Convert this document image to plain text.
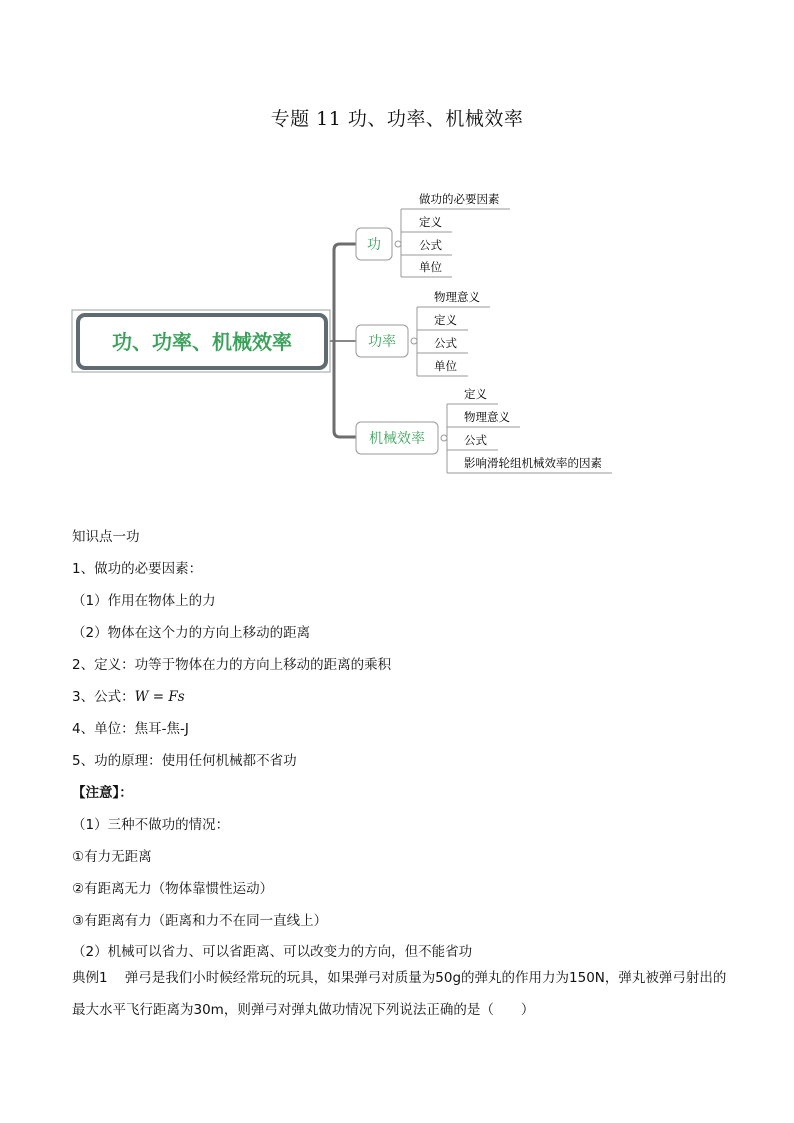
专题 11 功、功率、机械效率
功、功率、机械效率
功
做功的必要因素
定义
公式
单位
功率
物理意义
定义
公式
单位
机械效率
定义
物理意义
公式
影响滑轮组机械效率的因素
知识点一功
1、做功的必要因素：
（1）作用在物体上的力
（2）物体在这个力的方向上移动的距离
2、定义：功等于物体在力的方向上移动的距离的乘积
3、公式：W = Fs
4、单位：焦耳-焦-J
5、功的原理：使用任何机械都不省功
【注意】：
（1）三种不做功的情况：
①有力无距离
②有距离无力（物体靠惯性运动）
③有距离有力（距离和力不在同一直线上）
（2）机械可以省力、可以省距离、可以改变力的方向，但不能省功
典例1 弹弓是我们小时候经常玩的玩具，如果弹弓对质量为50g的弹丸的作用力为150N，弹丸被弹弓射出的最大水平飞行距离为30m，则弹弓对弹丸做功情况下列说法正确的是（　　）
